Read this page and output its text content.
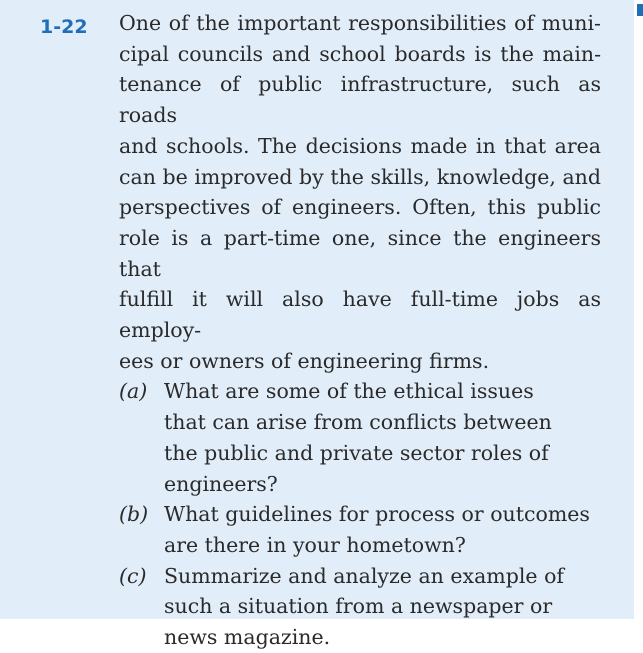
1-22 One of the important responsibilities of muni-
cipal councils and school boards is the main-
tenance of public infrastructure, such as roads
and schools. The decisions made in that area
can be improved by the skills, knowledge, and
perspectives of engineers. Often, this public
role is a part-time one, since the engineers that
fulfill it will also have full-time jobs as employ-
ees or owners of engineering firms.

(a) What are some of the ethical issues
that can arise from conflicts between
the public and private sector roles of
engineers?
(b) What guidelines for process or outcomes
are there in your hometown?
(c) Summarize and analyze an example of
such a situation from a newspaper or
news magazine.
